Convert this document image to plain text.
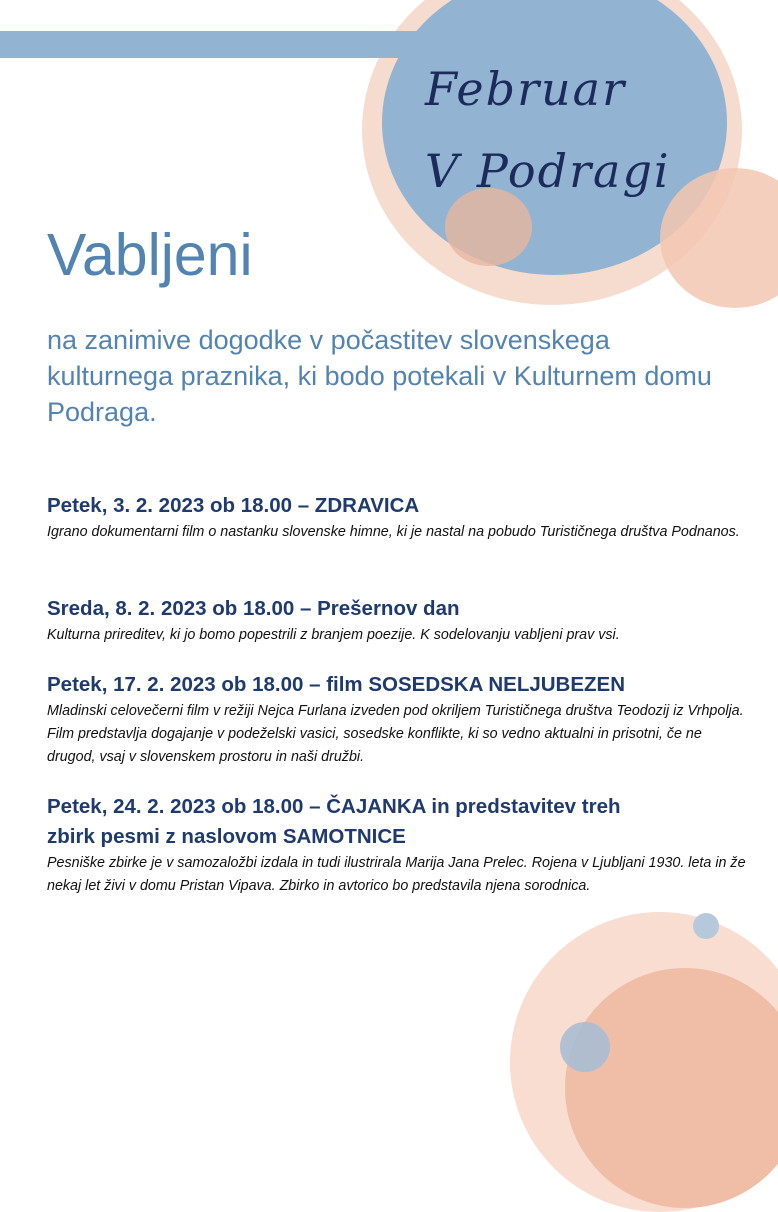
Februar
V Podragi
Vabljeni

na zanimive dogodke v počastitev slovenskega kulturnega praznika, ki bodo potekali v Kulturnem domu Podraga.

Petek, 3. 2. 2023 ob 18.00 – ZDRAVICA

Igrano dokumentarni film o nastanku slovenske himne, ki je nastal na pobudo Turističnega društva Podnanos.

Sreda, 8. 2. 2023 ob 18.00 – Prešernov dan

Kulturna prireditev, ki jo bomo popestrili z branjem poezije. K sodelovanju vabljeni prav vsi.

Petek, 17. 2. 2023 ob 18.00 – film SOSEDSKA NELJUBEZEN

Mladinski celovečerni film v režiji Nejca Furlana izveden pod okriljem Turističnega društva Teodozij iz Vrhpolja. Film predstavlja dogajanje v podeželski vasici, sosedske konflikte, ki so vedno aktualni in prisotni, če ne drugod, vsaj v slovenskem prostoru in naši družbi.

Petek, 24. 2. 2023 ob 18.00 – ČAJANKA in predstavitev treh
zbirk pesmi z naslovom SAMOTNICE

Pesniške zbirke je v samozaložbi izdala in tudi ilustrirala Marija Jana Prelec. Rojena v Ljubljani 1930. leta in že nekaj let živi v domu Pristan Vipava. Zbirko in avtorico bo predstavila njena sorodnica.
